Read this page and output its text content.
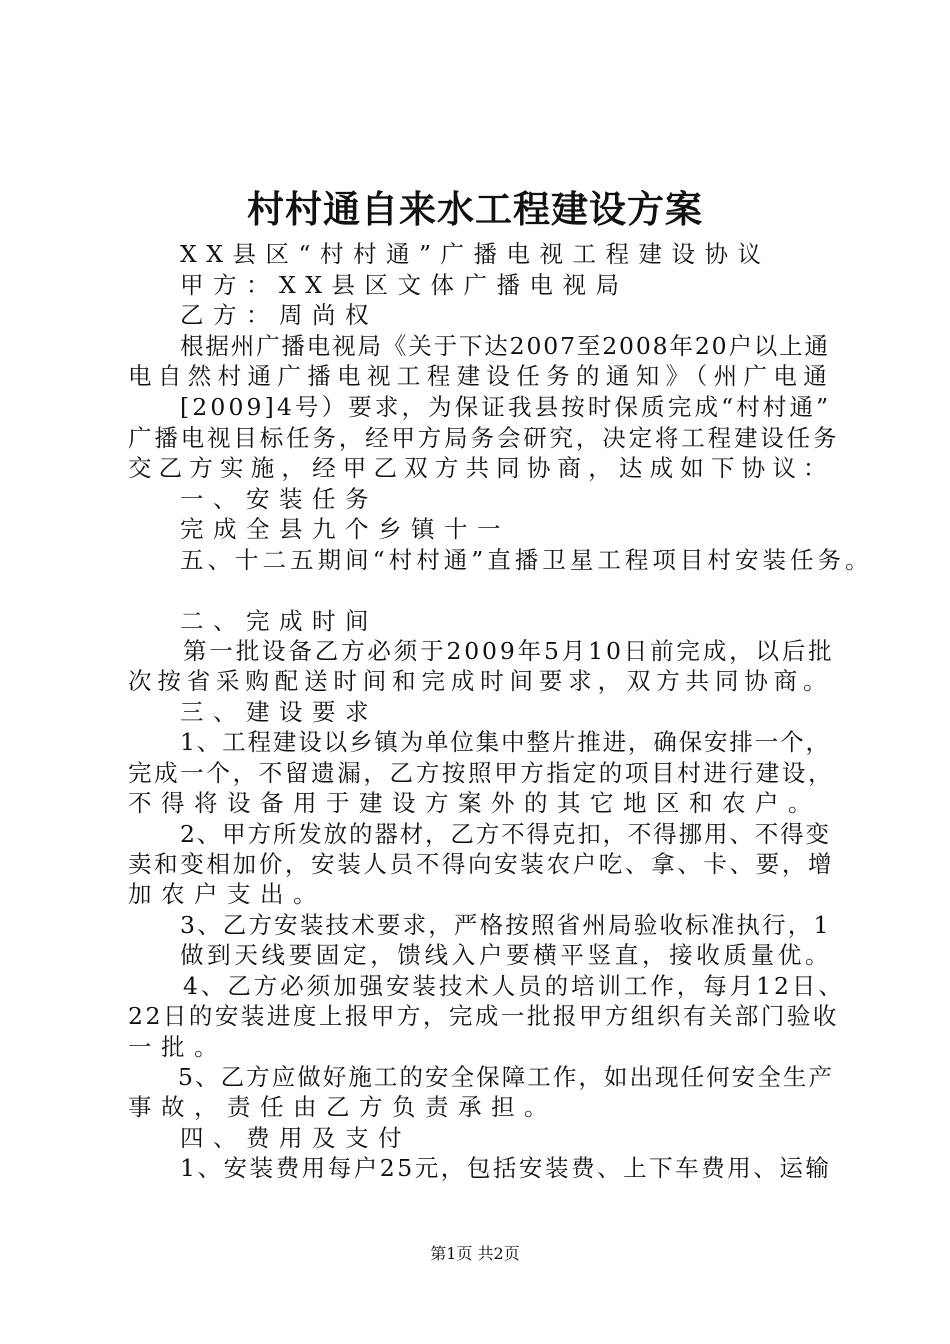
村村通自来水工程建设方案
XX县区“村村通”广播电视工程建设协议
甲方：XX县区文体广播电视局
乙方：周尚权
根据州广播电视局《关于下达2007至2008年20户以上通
电自然村通广播电视工程建设任务的通知》（州广电通
[2009]4号）要求，为保证我县按时保质完成“村村通”
广播电视目标任务，经甲方局务会研究，决定将工程建设任务
交乙方实施，经甲乙双方共同协商，达成如下协议：
一、安装任务
完成全县九个乡镇十一
五、十二五期间“村村通”直播卫星工程项目村安装任务。
二、完成时间
第一批设备乙方必须于2009年5月10日前完成，以后批
次按省采购配送时间和完成时间要求，双方共同协商。
三、建设要求
1、工程建设以乡镇为单位集中整片推进，确保安排一个，
完成一个，不留遗漏，乙方按照甲方指定的项目村进行建设，
不得将设备用于建设方案外的其它地区和农户。
2、甲方所发放的器材，乙方不得克扣，不得挪用、不得变
卖和变相加价，安装人员不得向安装农户吃、拿、卡、要，增
加农户支出。
3、乙方安装技术要求，严格按照省州局验收标准执行，1
做到天线要固定，馈线入户要横平竖直，接收质量优。
4、乙方必须加强安装技术人员的培训工作，每月12日、
22日的安装进度上报甲方，完成一批报甲方组织有关部门验收
一批。
5、乙方应做好施工的安全保障工作，如出现任何安全生产
事故，责任由乙方负责承担。
四、费用及支付
1、安装费用每户25元，包括安装费、上下车费用、运输
第1页 共2页
